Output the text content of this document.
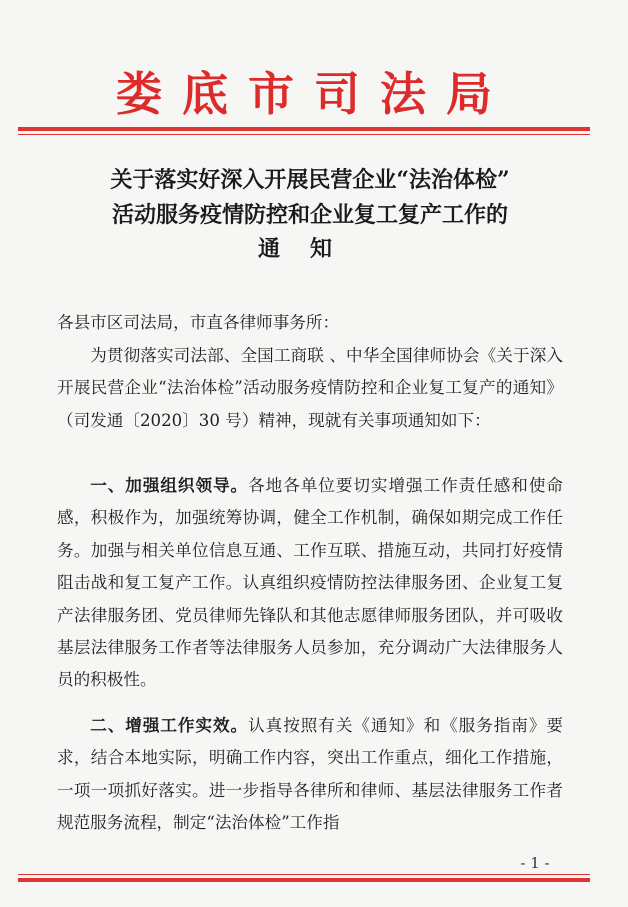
娄底市司法局
关于落实好深入开展民营企业“法治体检”
活动服务疫情防控和企业复工复产工作的
通知
各县市区司法局，市直各律师事务所：

为贯彻落实司法部、全国工商联 、中华全国律师协会《关于深入开展民营企业“法治体检”活动服务疫情防控和企业复工复产的通知》（司发通〔2020〕30 号）精神，现就有关事项通知如下：

一、加强组织领导。各地各单位要切实增强工作责任感和使命感，积极作为，加强统筹协调，健全工作机制，确保如期完成工作任务。加强与相关单位信息互通、工作互联、措施互动，共同打好疫情阻击战和复工复产工作。认真组织疫情防控法律服务团、企业复工复产法律服务团、党员律师先锋队和其他志愿律师服务团队，并可吸收基层法律服务工作者等法律服务人员参加，充分调动广大法律服务人员的积极性。

二、增强工作实效。认真按照有关《通知》和《服务指南》要求，结合本地实际，明确工作内容，突出工作重点，细化工作措施，一项一项抓好落实。进一步指导各律所和律师、基层法律服务工作者规范服务流程，制定“法治体检”工作指

- 1 -
